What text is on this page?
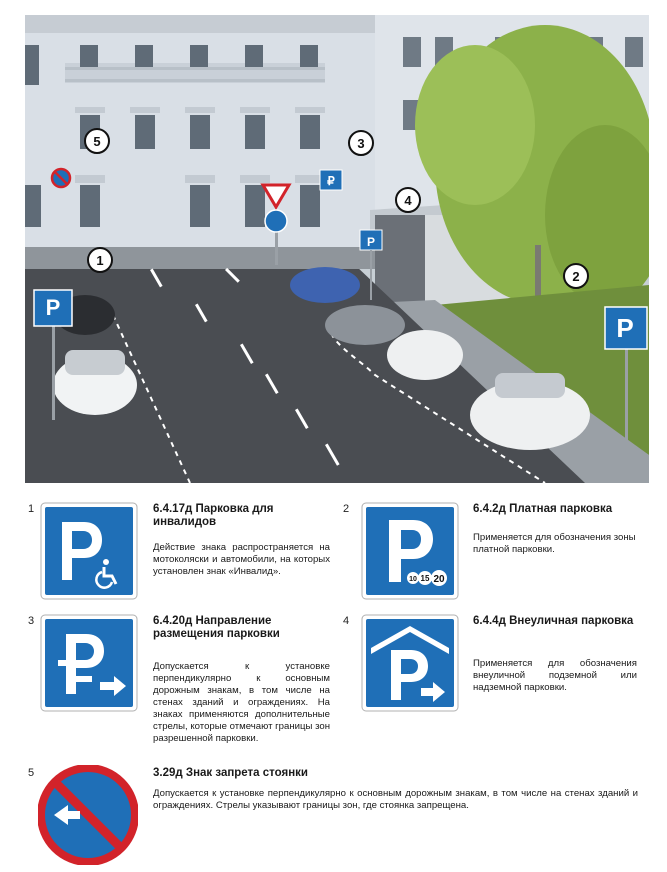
P
P
₽
P
1
2
3
4
5
1	6.4.17д Парковка для инвалидов
Действие знака распространяется на мотоколяски и автомобили, на которых установлен знак «Инвалид».
2
10 15 20
6.4.2д Платная парковка
Применяется для обозначения зоны платной парковки.
3	6.4.20д Направление размещения парковки
Допускается к установке перпендикулярно к основным дорожным знакам, в том числе на стенах зданий и ограждениях. На знаках применяются дополнительные стрелы, которые отмечают границы зон разрешенной парковки.
4	6.4.4д Внеуличная парковка
Применяется для обозначения внеуличной подземной или надземной парковки.
5	3.29д Знак запрета стоянки
Допускается к установке перпендикулярно к основным дорожным знакам, в том числе на стенах зданий и ограждениях. Стрелы указывают границы зон, где стоянка запрещена.
